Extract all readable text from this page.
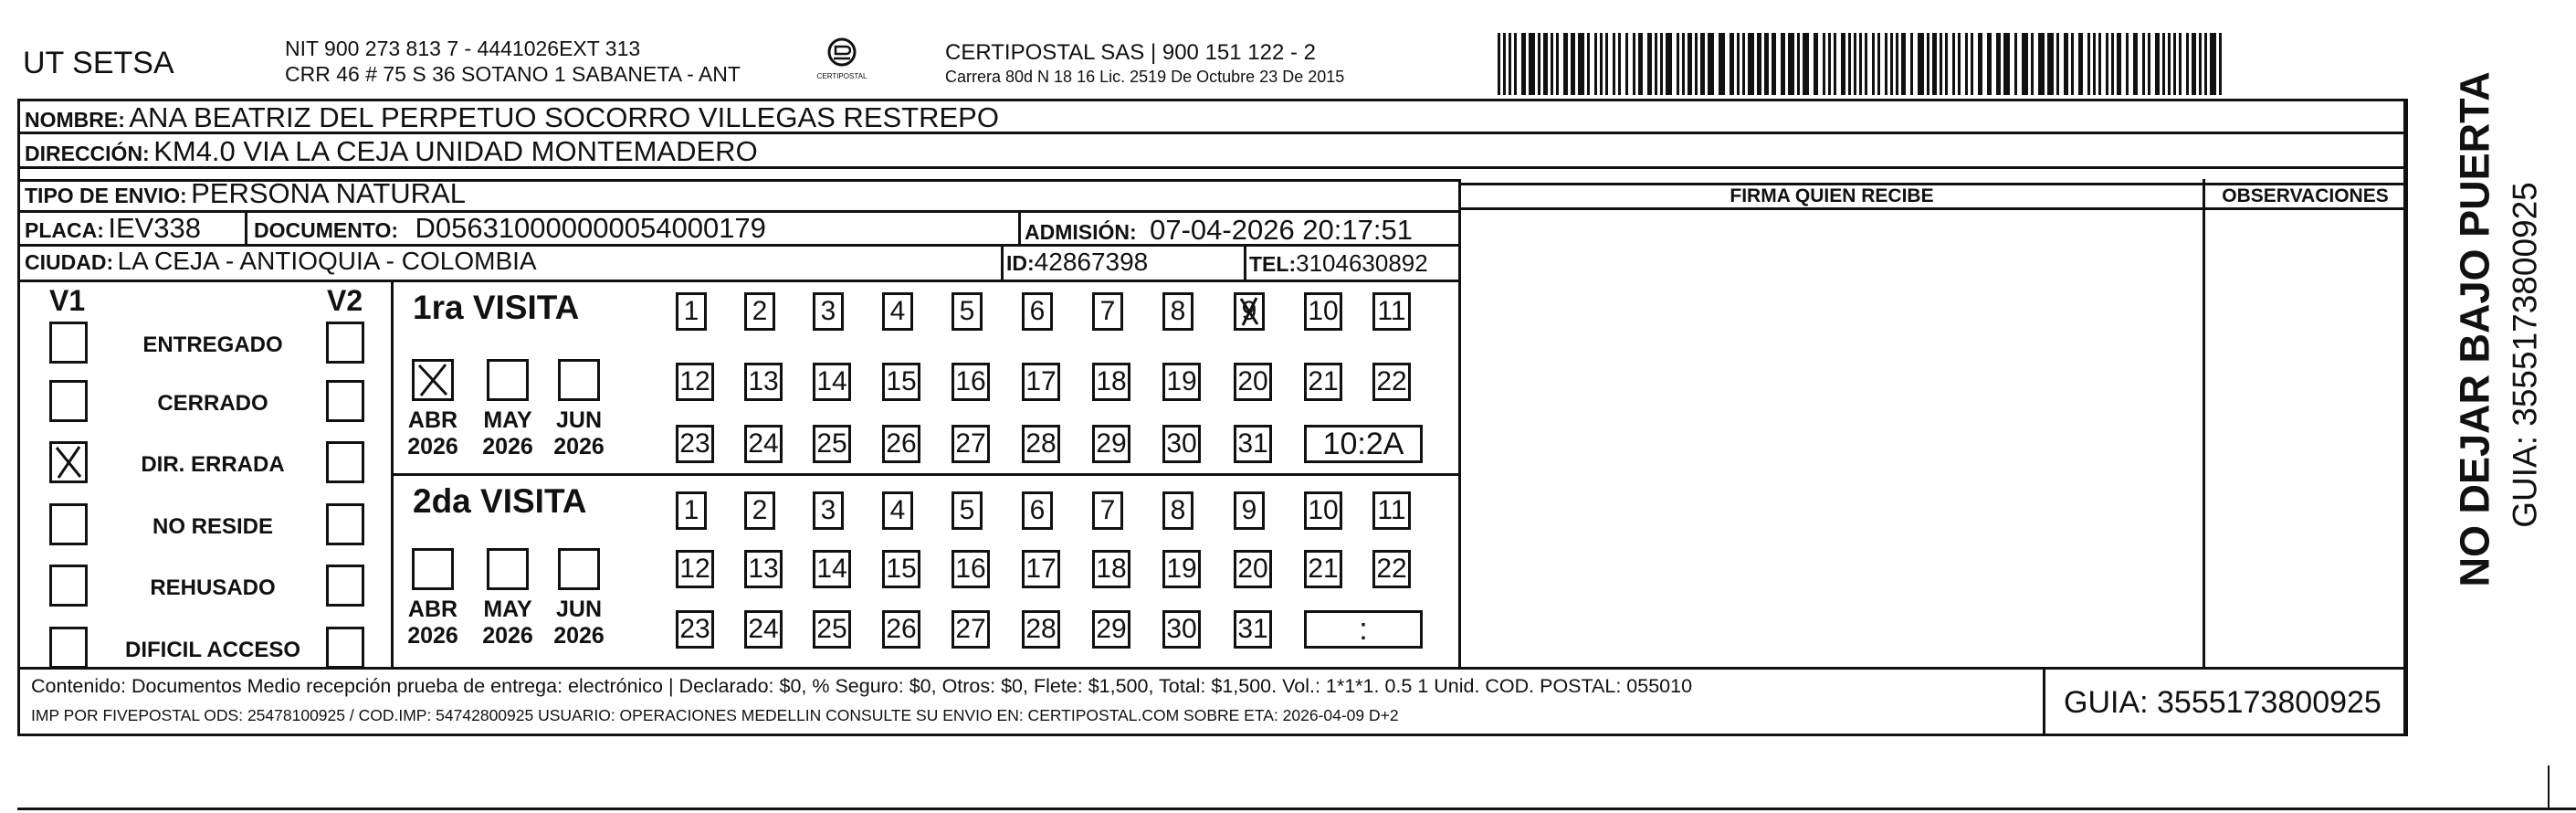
UT SETSA	NIT 900 273 813 7 - 4441026EXT 313
CRR 46 # 75 S 36 SOTANO 1 SABANETA - ANT	CERTIPOSTAL
CERTIPOSTAL SAS | 900 151 122 - 2
Carrera 80d N 18 16 Lic. 2519 De Octubre 23 De 2015
NOMBRE: ANA BEATRIZ DEL PERPETUO SOCORRO VILLEGAS RESTREPO
DIRECCIÓN: KM4.0 VIA LA CEJA UNIDAD MONTEMADERO
TIPO DE ENVIO: PERSONA NATURAL
PLACA: IEV338	DOCUMENTO: D056310000000054000179	ADMISIÓN: 07-04-2026 20:17:51
CIUDAD: LA CEJA - ANTIOQUIA - COLOMBIA	ID:42867398	TEL:3104630892
FIRMA QUIEN RECIBE	OBSERVACIONES
V1	V2 1ra VISITA
2da VISITA
Contenido: Documentos Medio recepción prueba de entrega: electrónico | Declarado: $0, % Seguro: $0, Otros: $0, Flete: $1,500, Total: $1,500. Vol.: 1*1*1. 0.5 1 Unid. COD. POSTAL: 055010
IMP POR FIVEPOSTAL ODS: 25478100925 / COD.IMP: 54742800925 USUARIO: OPERACIONES MEDELLIN CONSULTE SU ENVIO EN: CERTIPOSTAL.COM SOBRE ETA: 2026-04-09 D+2	GUIA: 3555173800925
NO DEJAR BAJO PUERTA GUIA: 3555173800925
ENTREGADO
CERRADO
DIR. ERRADA
NO RESIDE
REHUSADO
DIFICIL ACCESO
ABR
2026
MAY
2026
JUN
2026
ABR
2026
MAY
2026
JUN
2026
1 2 3 4 5 6 7 8 9 10 11
12 13 14 15 16 17 18 19 20 21 22
23 24 25 26 27 28 29 30 31	10:2A
1 2 3 4 5 6 7 8 9 10 11
12 13 14 15 16 17 18 19 20 21 22
23 24 25 26 27 28 29 30 31	:
